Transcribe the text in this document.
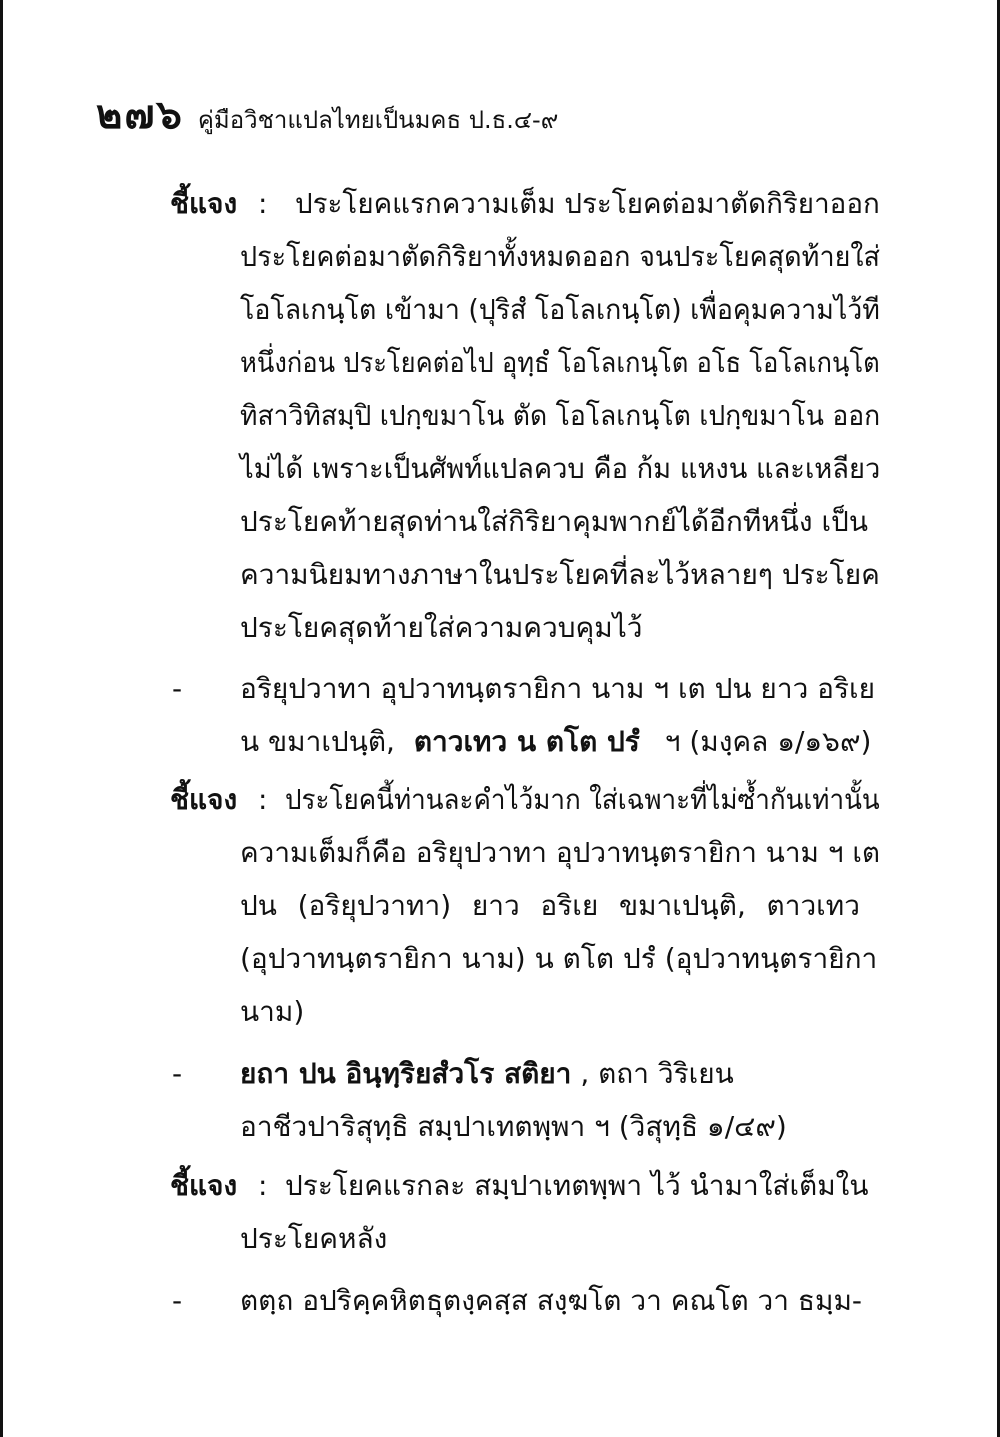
๒๗๖ คู่มือวิชาแปลไทยเป็นมคธ ป.ธ.๔-๙
ชี้แจง : ประโยคแรกความเต็ม ประโยคต่อมาตัดกิริยาออก
ประโยคต่อมาตัดกิริยาทั้งหมดออก จนประโยคสุดท้ายใส่
โอโลเกนฺโต เข้ามา (ปุริสํ โอโลเกนฺโต) เพื่อคุมความไว้ที
หนึ่งก่อน ประโยคต่อไป อุทฺธํ โอโลเกนฺโต อโธ โอโลเกนฺโต
ทิสาวิทิสมฺปิ เปกฺขมาโน ตัด โอโลเกนฺโต เปกฺขมาโน ออก
ไม่ได้ เพราะเป็นศัพท์แปลควบ คือ ก้ม แหงน และเหลียว
ประโยคท้ายสุดท่านใส่กิริยาคุมพากย์ได้อีกทีหนึ่ง เป็น
ความนิยมทางภาษาในประโยคที่ละไว้หลายๆ ประโยค
ประโยคสุดท้ายใส่ความควบคุมไว้
- อริยุปวาทา อุปวาทนฺตรายิกา นาม ฯ เต ปน ยาว อริเย
น ขมาเปนฺติ, ตาวเทว น ตโต ปรํ ฯ (มงฺคล ๑/๑๖๙)
ชี้แจง : ประโยคนี้ท่านละคำไว้มาก ใส่เฉพาะที่ไม่ซ้ำกันเท่านั้น
ความเต็มก็คือ อริยุปวาทา อุปวาทนฺตรายิกา นาม ฯ เต
ปน (อริยุปวาทา) ยาว อริเย ขมาเปนฺติ, ตาวเทว
(อุปวาทนฺตรายิกา นาม) น ตโต ปรํ (อุปวาทนฺตรายิกา
นาม)
- ยถา ปน อินฺทฺริยสํวโร สติยา , ตถา วิริเยน
อาชีวปาริสุทฺธิ สมฺปาเทตพฺพา ฯ (วิสุทฺธิ ๑/๔๙)
ชี้แจง : ประโยคแรกละ สมฺปาเทตพฺพา ไว้ นำมาใส่เต็มใน
ประโยคหลัง
- ตตฺถ อปริคฺคหิตธุตงฺคสฺส สงฺฆโต วา คณโต วา ธมฺม-
